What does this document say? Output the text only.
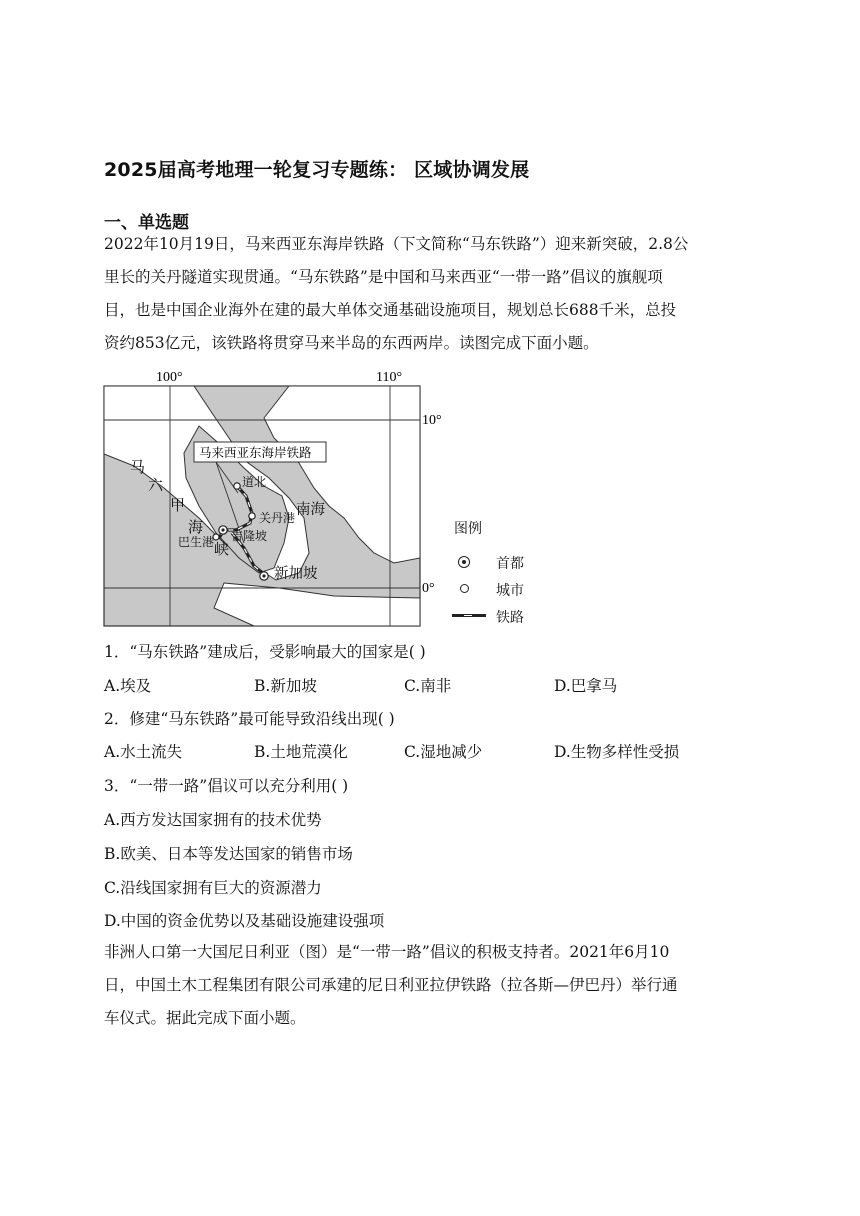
2025届高考地理一轮复习专题练： 区域协调发展
一、单选题
2022年10月19日，马来西亚东海岸铁路（下文简称“马东铁路”）迎来新突破，2.8公
里长的关丹隧道实现贯通。“马东铁路”是中国和马来西亚“一带一路”倡议的旗舰项
目，也是中国企业海外在建的最大单体交通基础设施项目，规划总长688千米，总投
资约853亿元，该铁路将贯穿马来半岛的东西两岸。读图完成下面小题。
100°	110°
10°
0°
马来西亚东海岸铁路
马
六
甲
海
峡
道北
关丹港
吉隆坡
巴生港
南海
新加坡
图例
首都
城市
铁路
1．“马东铁路”建成后，受影响最大的国家是( )
A.埃及	B.新加坡	C.南非	D.巴拿马
2．修建“马东铁路”最可能导致沿线出现( )
A.水土流失	B.土地荒漠化	C.湿地减少	D.生物多样性受损
3．“一带一路”倡议可以充分利用( )
A.西方发达国家拥有的技术优势
B.欧美、日本等发达国家的销售市场
C.沿线国家拥有巨大的资源潜力
D.中国的资金优势以及基础设施建设强项
非洲人口第一大国尼日利亚（图）是“一带一路”倡议的积极支持者。2021年6月10
日，中国土木工程集团有限公司承建的尼日利亚拉伊铁路（拉各斯—伊巴丹）举行通
车仪式。据此完成下面小题。
